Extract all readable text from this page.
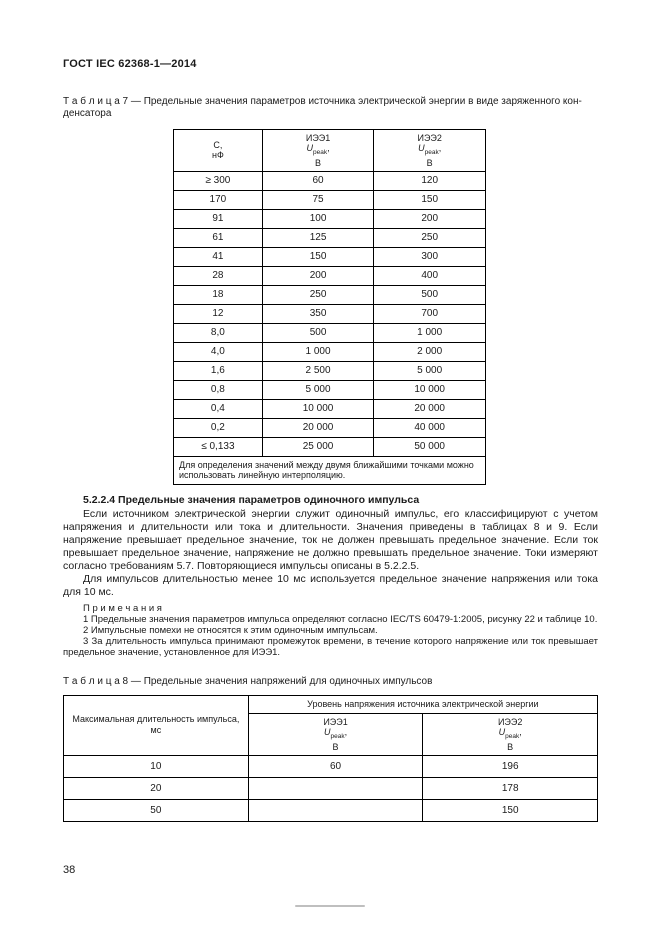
ГОСТ IEC 62368-1—2014

Т а б л и ц а 7 — Предельные значения параметров источника электрической энергии в виде заряженного кон-
денсатора

С,
нФ	ИЭЭ1
$U_{peak}$,
В	ИЭЭ2
$U_{peak}$,
В
≥ 300	60	120
170	75	150
91	100	200
61	125	250
41	150	300
28	200	400
18	250	500
12	350	700
8,0	500	1 000
4,0	1 000	2 000
1,6	2 500	5 000
0,8	5 000	10 000
0,4	10 000	20 000
0,2	20 000	40 000
≤ 0,133	25 000	50 000
Для определения значений между двумя ближайшими точками можно использовать линейную интерполяцию.		

5.2.2.4 Предельные значения параметров одиночного импульса

Если источником электрической энергии служит одиночный импульс, его классифицируют с учетом напряжения и длительности или тока и длительности. Значения приведены в таблицах 8 и 9. Если напряжение превышает предельное значение, ток не должен превышать предельное значение. Если ток превышает предельное значение, напряжение не должно превышать предельное значение. Токи измеряют согласно требованиям 5.7. Повторяющиеся импульсы описаны в 5.2.2.5.

Для импульсов длительностью менее 10 мс используется предельное значение напряжения или тока для 10 мс.

П р и м е ч а н и я

1 Предельные значения параметров импульса определяют согласно IEC/TS 60479-1:2005, рисунку 22 и таблице 10.

2 Импульсные помехи не относятся к этим одиночным импульсам.

3 За длительность импульса принимают промежуток времени, в течение которого напряжение или ток превышает предельное значение, установленное для ИЭЭ1.

Т а б л и ц а 8 — Предельные значения напряжений для одиночных импульсов

Максимальная длительность импульса,
мс	Уровень напряжения источника электрической энергии	
	ИЭЭ1
$U_{peak}$,
В	ИЭЭ2
$U_{peak}$,
В
10	60	196
20		178
50		150
38
